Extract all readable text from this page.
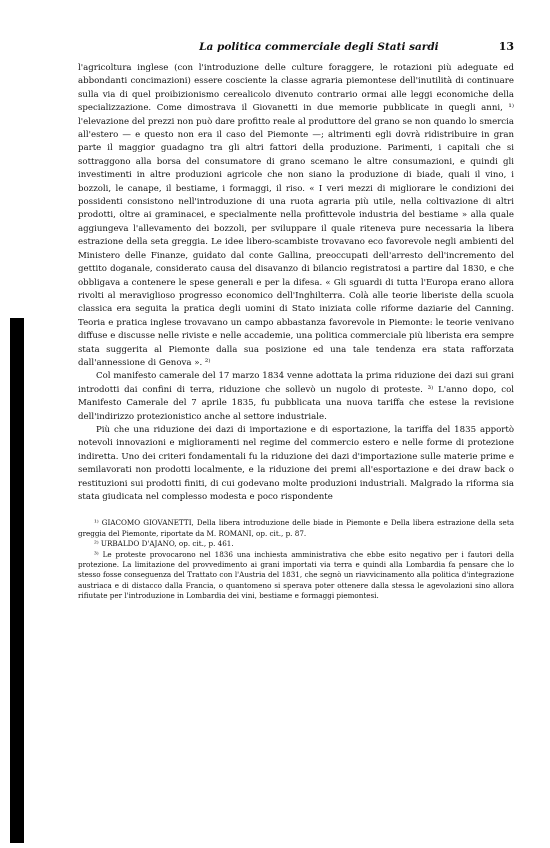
La politica commerciale degli Stati sardi	13

l'agricoltura inglese (con l'introduzione delle culture foraggere, le rotazioni più adeguate ed abbondanti concimazioni) essere cosciente la classe agraria piemontese dell'inutilità di continuare sulla via di quel proibizionismo cerealicolo divenuto contrario ormai alle leggi economiche della specializzazione. Come dimostrava il Giovanetti in due memorie pubblicate in quegli anni, ¹⁾ l'elevazione del prezzi non può dare profitto reale al produttore del grano se non quando lo smercia all'estero — e questo non era il caso del Piemonte —; altrimenti egli dovrà ridistribuire in gran parte il maggior guadagno tra gli altri fattori della produzione. Parimenti, i capitali che si sottraggono alla borsa del consumatore di grano scemano le altre consumazioni, e quindi gli investimenti in altre produzioni agricole che non siano la produzione di biade, quali il vino, i bozzoli, le canape, il bestiame, i formaggi, il riso. « I veri mezzi di migliorare le condizioni dei possidenti consistono nell'introduzione di una ruota agraria più utile, nella coltivazione di altri prodotti, oltre ai graminacei, e specialmente nella profittevole industria del bestiame » alla quale aggiungeva l'allevamento dei bozzoli, per sviluppare il quale riteneva pure necessaria la libera estrazione della seta greggia. Le idee libero-scambiste trovavano eco favorevole negli ambienti del Ministero delle Finanze, guidato dal conte Gallina, preoccupati dell'arresto dell'incremento del gettito doganale, considerato causa del disavanzo di bilancio registratosi a partire dal 1830, e che obbligava a contenere le spese generali e per la difesa. « Gli sguardi di tutta l'Europa erano allora rivolti al meraviglioso progresso economico dell'Inghilterra. Colà alle teorie liberiste della scuola classica era seguita la pratica degli uomini di Stato iniziata colle riforme daziarie del Canning. Teoria e pratica inglese trovavano un campo abbastanza favorevole in Piemonte: le teorie venivano diffuse e discusse nelle riviste e nelle accademie, una politica commerciale più liberista era sempre stata suggerita al Piemonte dalla sua posizione ed una tale tendenza era stata rafforzata dall'annessione di Genova ». ²⁾

Col manifesto camerale del 17 marzo 1834 venne adottata la prima riduzione dei dazi sui grani introdotti dai confini di terra, riduzione che sollevò un nugolo di proteste. ³⁾ L'anno dopo, col Manifesto Camerale del 7 aprile 1835, fu pubblicata una nuova tariffa che estese la revisione dell'indirizzo protezionistico anche al settore industriale.

Più che una riduzione dei dazi di importazione e di esportazione, la tariffa del 1835 apportò notevoli innovazioni e miglioramenti nel regime del commercio estero e nelle forme di protezione indiretta. Uno dei criteri fondamentali fu la riduzione dei dazi d'importazione sulle materie prime e semilavorati non prodotti localmente, e la riduzione dei premi all'esportazione e dei draw back o restituzioni sui prodotti finiti, di cui godevano molte produzioni industriali. Malgrado la riforma sia stata giudicata nel complesso modesta e poco rispondente

¹⁾ GIACOMO GIOVANETTI, Della libera introduzione delle biade in Piemonte e Della libera estrazione della seta greggia del Piemonte, riportate da M. ROMANI, op. cit., p. 87.

²⁾ URBALDO D'AJANO, op. cit., p. 461.

³⁾ Le proteste provocarono nel 1836 una inchiesta amministrativa che ebbe esito negativo per i fautori della protezione. La limitazione del provvedimento ai grani importati via terra e quindi alla Lombardia fa pensare che lo stesso fosse conseguenza del Trattato con l'Austria del 1831, che segnò un riavvicinamento alla politica d'integrazione austriaca e di distacco dalla Francia, o quantomeno si sperava poter ottenere dalla stessa le agevolazioni sino allora rifiutate per l'introduzione in Lombardia dei vini, bestiame e formaggi piemontesi.
